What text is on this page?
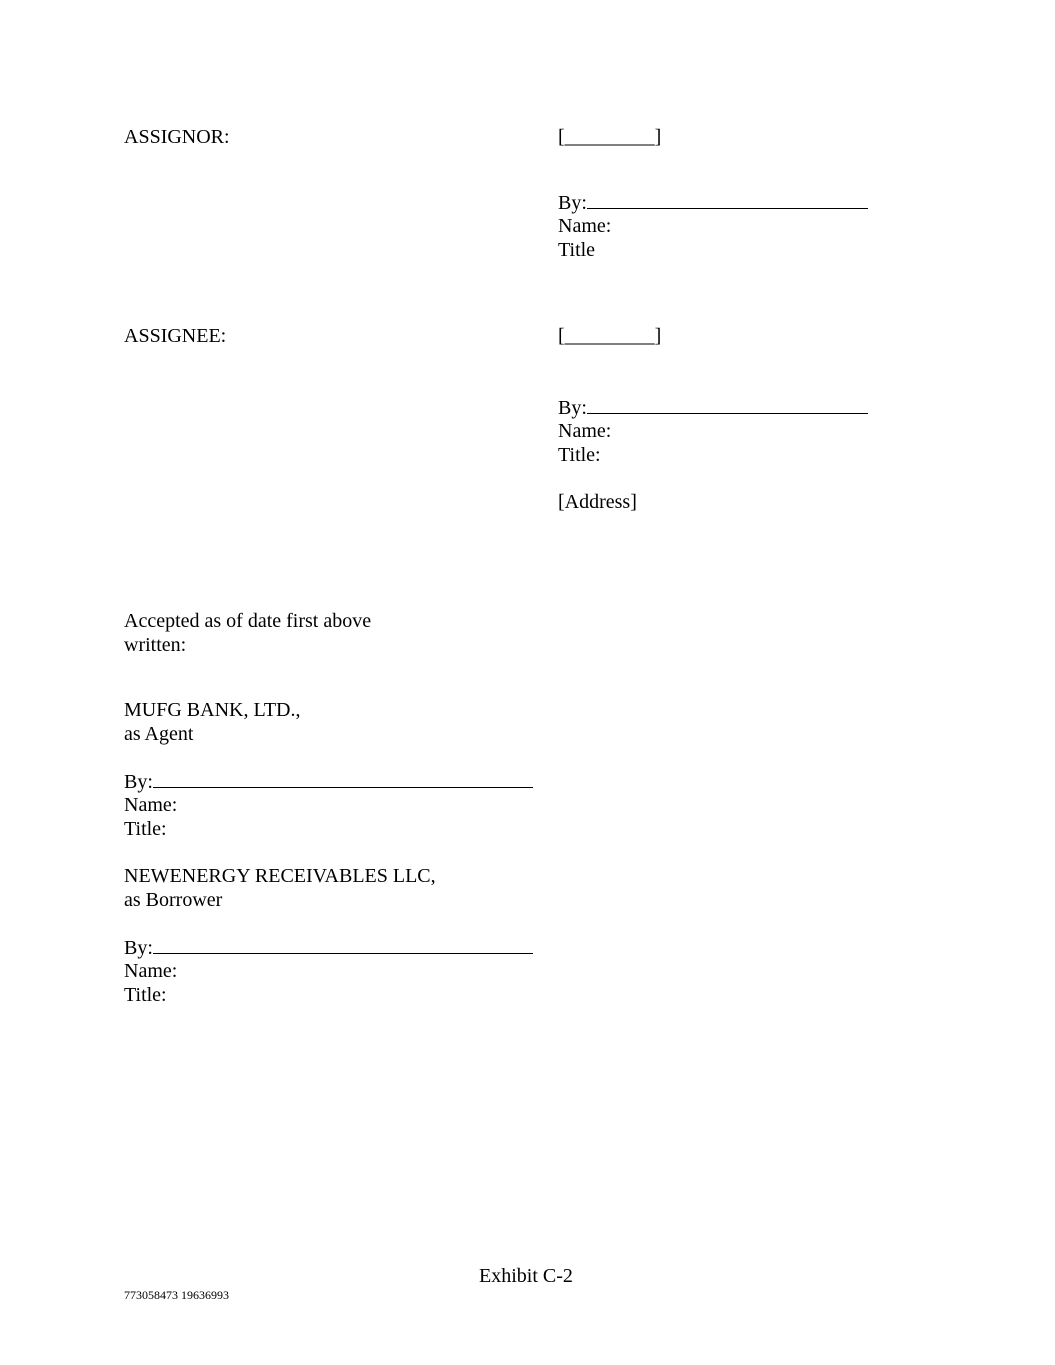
ASSIGNOR:	[_________]
By:
Name:
Title
ASSIGNEE:	[_________]
By:
Name:
Title:
[Address]
Accepted as of date first above
written:
MUFG BANK, LTD.,
as Agent
By:
Name:
Title:
NEWENERGY RECEIVABLES LLC,
as Borrower
By:
Name:
Title:
Exhibit C-2
773058473 19636993
